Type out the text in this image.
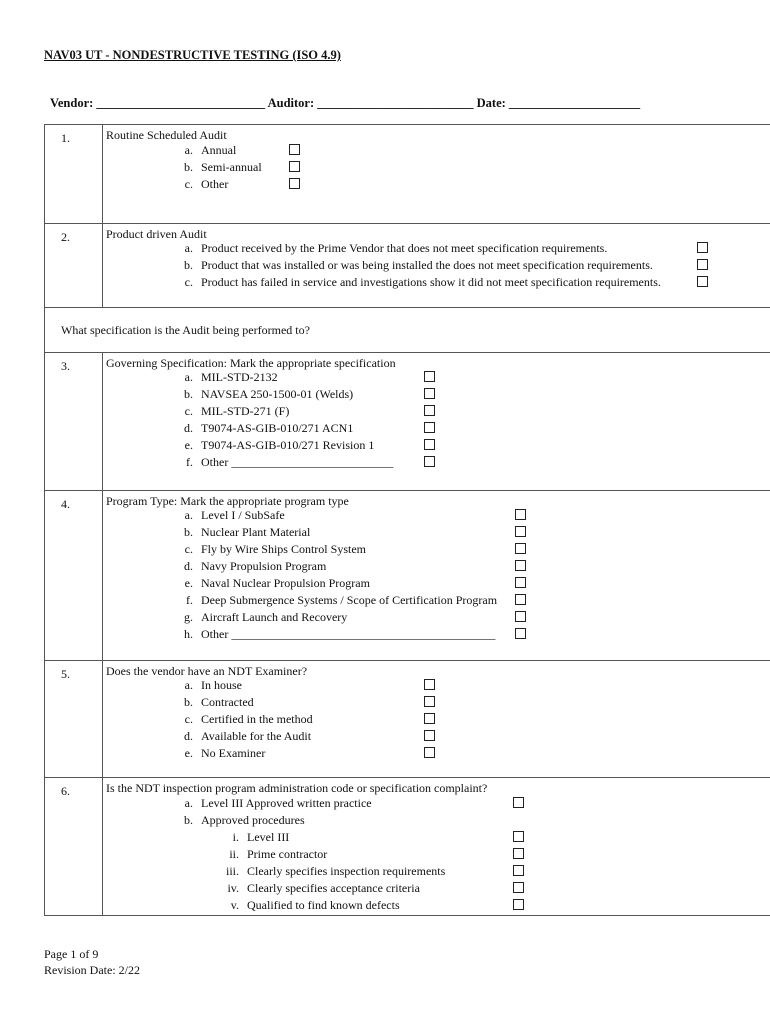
NAV03 UT - NONDESTRUCTIVE TESTING (ISO 4.9)
Vendor: ___________________________ Auditor: _________________________ Date: _____________________
1.	Routine Scheduled Audit
a. Annual
b. Semi-annual
c. Other
2.	Product driven Audit
a. Product received by the Prime Vendor that does not meet specification requirements.
b. Product that was installed or was being installed the does not meet specification requirements.
c. Product has failed in service and investigations show it did not meet specification requirements.
What specification is the Audit being performed to?
3.	Governing Specification: Mark the appropriate specification
a. MIL-STD-2132
b. NAVSEA 250-1500-01 (Welds)
c. MIL-STD-271 (F)
d. T9074-AS-GIB-010/271 ACN1
e. T9074-AS-GIB-010/271 Revision 1
f. Other ___________________________
4.	Program Type: Mark the appropriate program type
a. Level I / SubSafe
b. Nuclear Plant Material
c. Fly by Wire Ships Control System
d. Navy Propulsion Program
e. Naval Nuclear Propulsion Program
f. Deep Submergence Systems / Scope of Certification Program
g. Aircraft Launch and Recovery
h. Other ____________________________________________
5.	Does the vendor have an NDT Examiner?
a. In house
b. Contracted
c. Certified in the method
d. Available for the Audit
e. No Examiner
6.	Is the NDT inspection program administration code or specification complaint?
a. Level III Approved written practice
b. Approved procedures
i. Level III
ii. Prime contractor
iii. Clearly specifies inspection requirements
iv. Clearly specifies acceptance criteria
v. Qualified to find known defects
Page 1 of 9
Revision Date: 2/22
